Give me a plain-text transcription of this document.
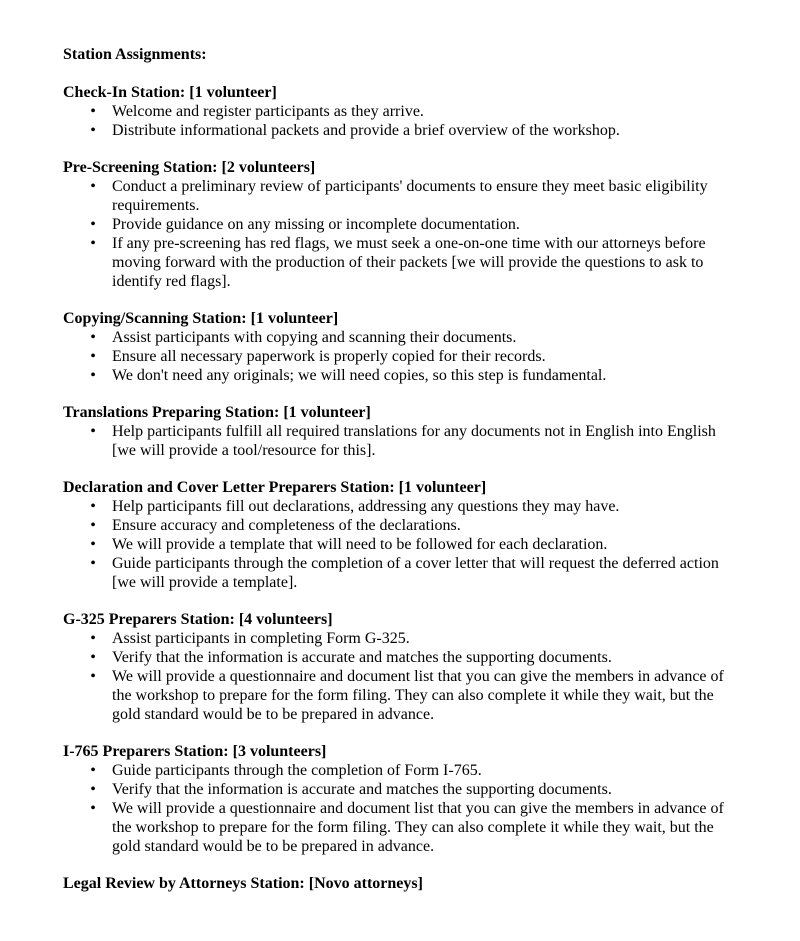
Station Assignments:

Check-In Station: [1 volunteer]

• Welcome and register participants as they arrive.
• Distribute informational packets and provide a brief overview of the workshop.

Pre-Screening Station: [2 volunteers]

• Conduct a preliminary review of participants' documents to ensure they meet basic eligibility requirements.
• Provide guidance on any missing or incomplete documentation.
• If any pre-screening has red flags, we must seek a one-on-one time with our attorneys before moving forward with the production of their packets [we will provide the questions to ask to identify red flags].

Copying/Scanning Station: [1 volunteer]

• Assist participants with copying and scanning their documents.
• Ensure all necessary paperwork is properly copied for their records.
• We don't need any originals; we will need copies, so this step is fundamental.

Translations Preparing Station: [1 volunteer]

• Help participants fulfill all required translations for any documents not in English into English [we will provide a tool/resource for this].

Declaration and Cover Letter Preparers Station: [1 volunteer]

• Help participants fill out declarations, addressing any questions they may have.
• Ensure accuracy and completeness of the declarations.
• We will provide a template that will need to be followed for each declaration.
• Guide participants through the completion of a cover letter that will request the deferred action [we will provide a template].

G-325 Preparers Station: [4 volunteers]

• Assist participants in completing Form G-325.
• Verify that the information is accurate and matches the supporting documents.
• We will provide a questionnaire and document list that you can give the members in advance of the workshop to prepare for the form filing. They can also complete it while they wait, but the gold standard would be to be prepared in advance.

I-765 Preparers Station: [3 volunteers]

• Guide participants through the completion of Form I-765.
• Verify that the information is accurate and matches the supporting documents.
• We will provide a questionnaire and document list that you can give the members in advance of the workshop to prepare for the form filing. They can also complete it while they wait, but the gold standard would be to be prepared in advance.

Legal Review by Attorneys Station: [Novo attorneys]
